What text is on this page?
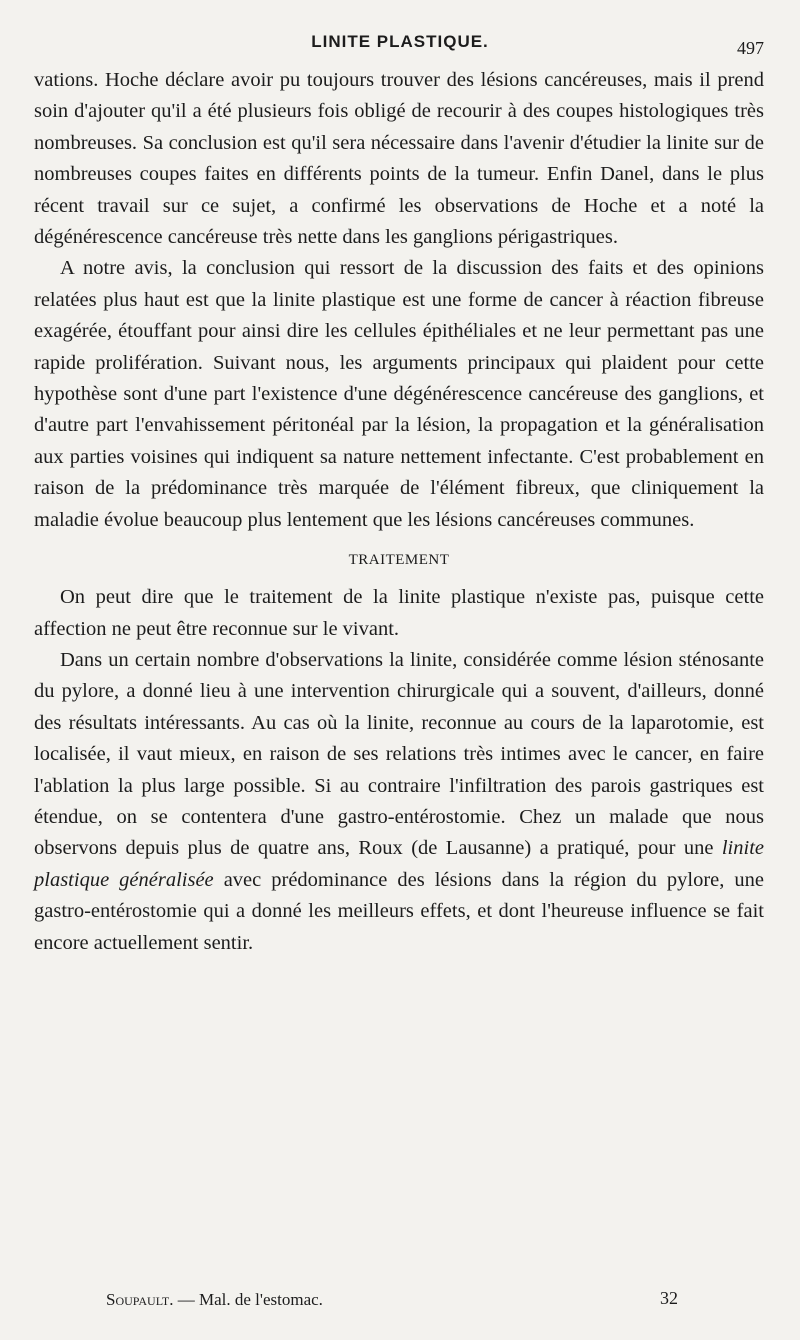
LINITE PLASTIQUE.	497

vations. Hoche déclare avoir pu toujours trouver des lésions cancéreuses, mais il prend soin d'ajouter qu'il a été plusieurs fois obligé de recourir à des coupes histologiques très nombreuses. Sa conclusion est qu'il sera nécessaire dans l'avenir d'étudier la linite sur de nombreuses coupes faites en différents points de la tumeur. Enfin Danel, dans le plus récent travail sur ce sujet, a confirmé les observations de Hoche et a noté la dégénérescence cancéreuse très nette dans les ganglions périgastriques.

A notre avis, la conclusion qui ressort de la discussion des faits et des opinions relatées plus haut est que la linite plastique est une forme de cancer à réaction fibreuse exagérée, étouffant pour ainsi dire les cellules épithéliales et ne leur permettant pas une rapide prolifération. Suivant nous, les arguments principaux qui plaident pour cette hypothèse sont d'une part l'existence d'une dégénérescence cancéreuse des ganglions, et d'autre part l'envahissement péritonéal par la lésion, la propagation et la généralisation aux parties voisines qui indiquent sa nature nettement infectante. C'est probablement en raison de la prédominance très marquée de l'élément fibreux, que cliniquement la maladie évolue beaucoup plus lentement que les lésions cancéreuses communes.

TRAITEMENT

On peut dire que le traitement de la linite plastique n'existe pas, puisque cette affection ne peut être reconnue sur le vivant.

Dans un certain nombre d'observations la linite, considérée comme lésion sténosante du pylore, a donné lieu à une intervention chirurgicale qui a souvent, d'ailleurs, donné des résultats intéressants. Au cas où la linite, reconnue au cours de la laparotomie, est localisée, il vaut mieux, en raison de ses relations très intimes avec le cancer, en faire l'ablation la plus large possible. Si au contraire l'infiltration des parois gastriques est étendue, on se contentera d'une gastro-entérostomie. Chez un malade que nous observons depuis plus de quatre ans, Roux (de Lausanne) a pratiqué, pour une linite plastique généralisée avec prédominance des lésions dans la région du pylore, une gastro-entérostomie qui a donné les meilleurs effets, et dont l'heureuse influence se fait encore actuellement sentir.

Soupault. — Mal. de l'estomac.	32
